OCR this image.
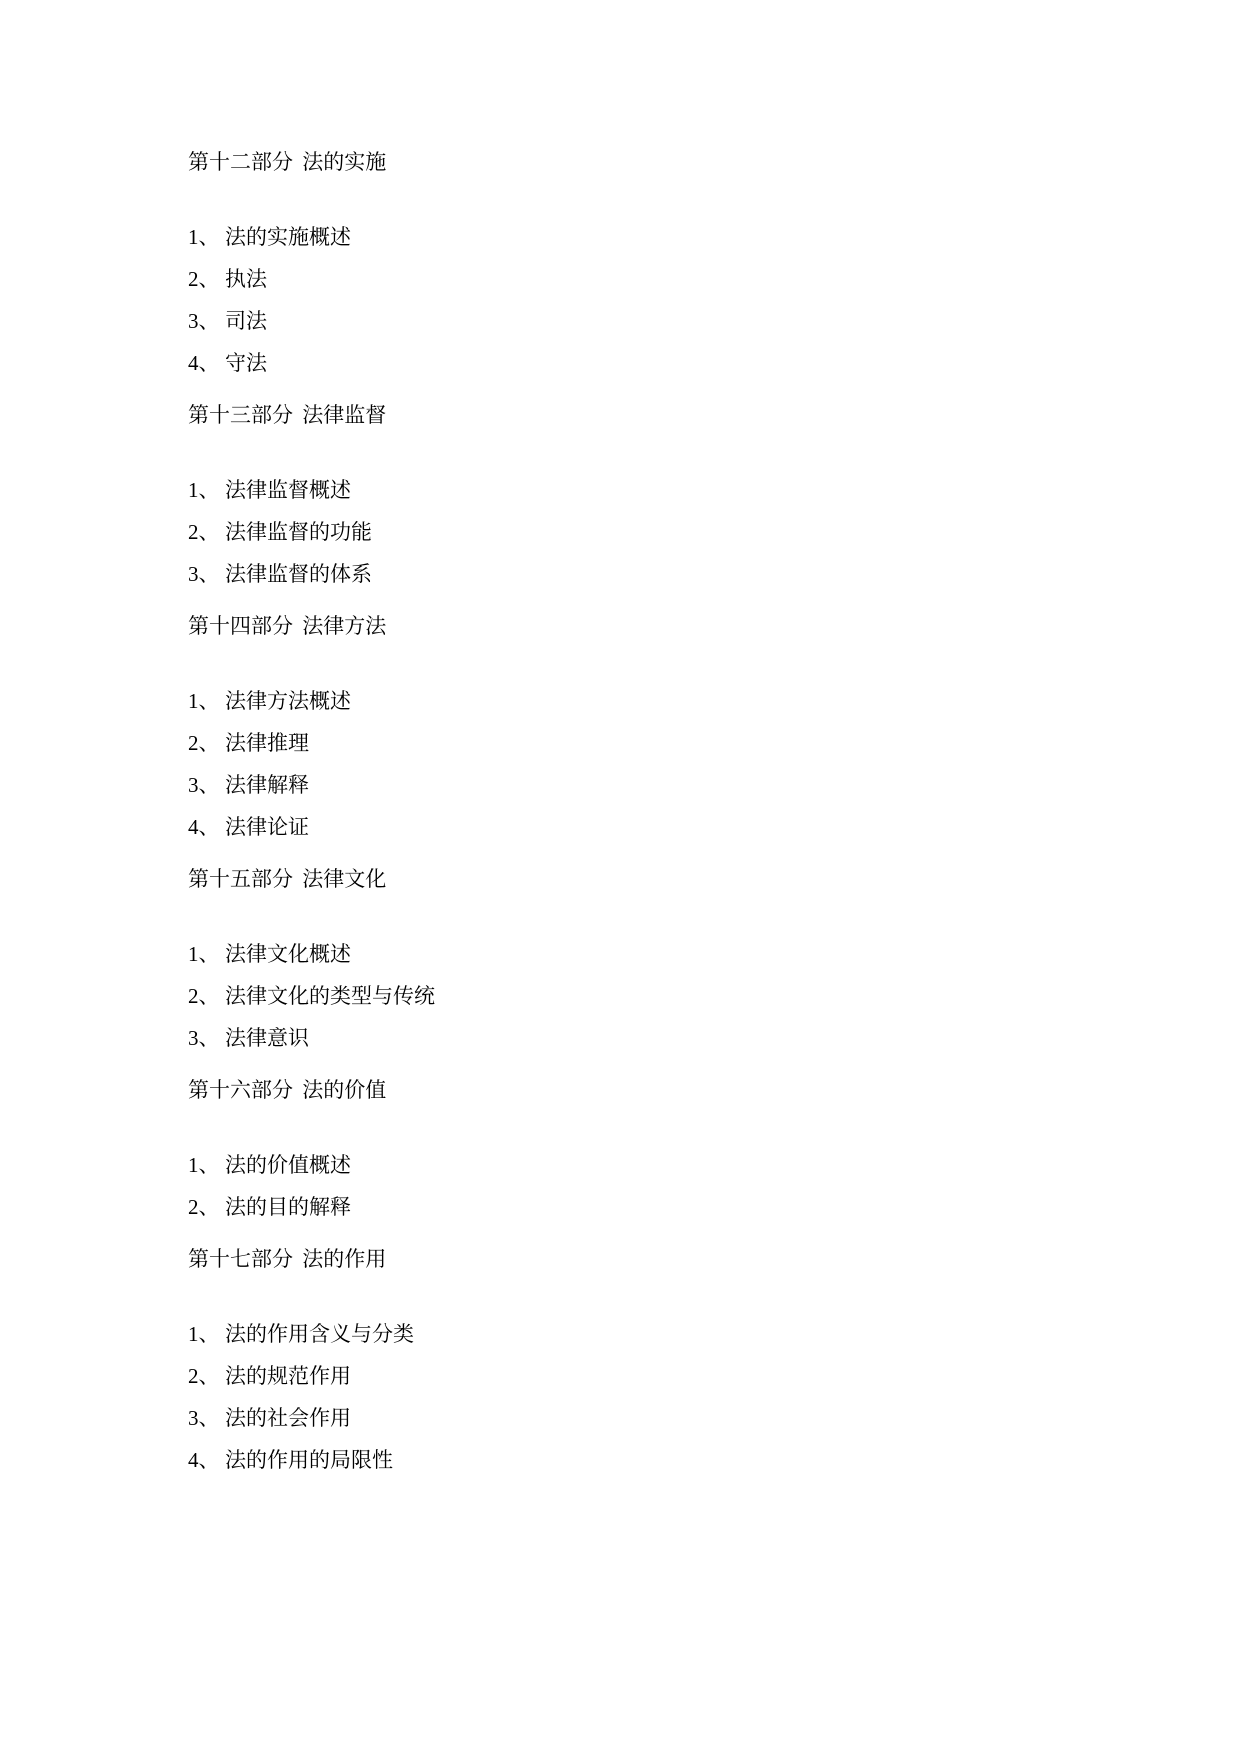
第十二部分 法的实施
1、 法的实施概述
2、 执法
3、 司法
4、 守法
第十三部分 法律监督
1、 法律监督概述
2、 法律监督的功能
3、 法律监督的体系
第十四部分 法律方法
1、 法律方法概述
2、 法律推理
3、 法律解释
4、 法律论证
第十五部分 法律文化
1、 法律文化概述
2、 法律文化的类型与传统
3、 法律意识
第十六部分 法的价值
1、 法的价值概述
2、 法的目的解释
第十七部分 法的作用
1、 法的作用含义与分类
2、 法的规范作用
3、 法的社会作用
4、 法的作用的局限性
